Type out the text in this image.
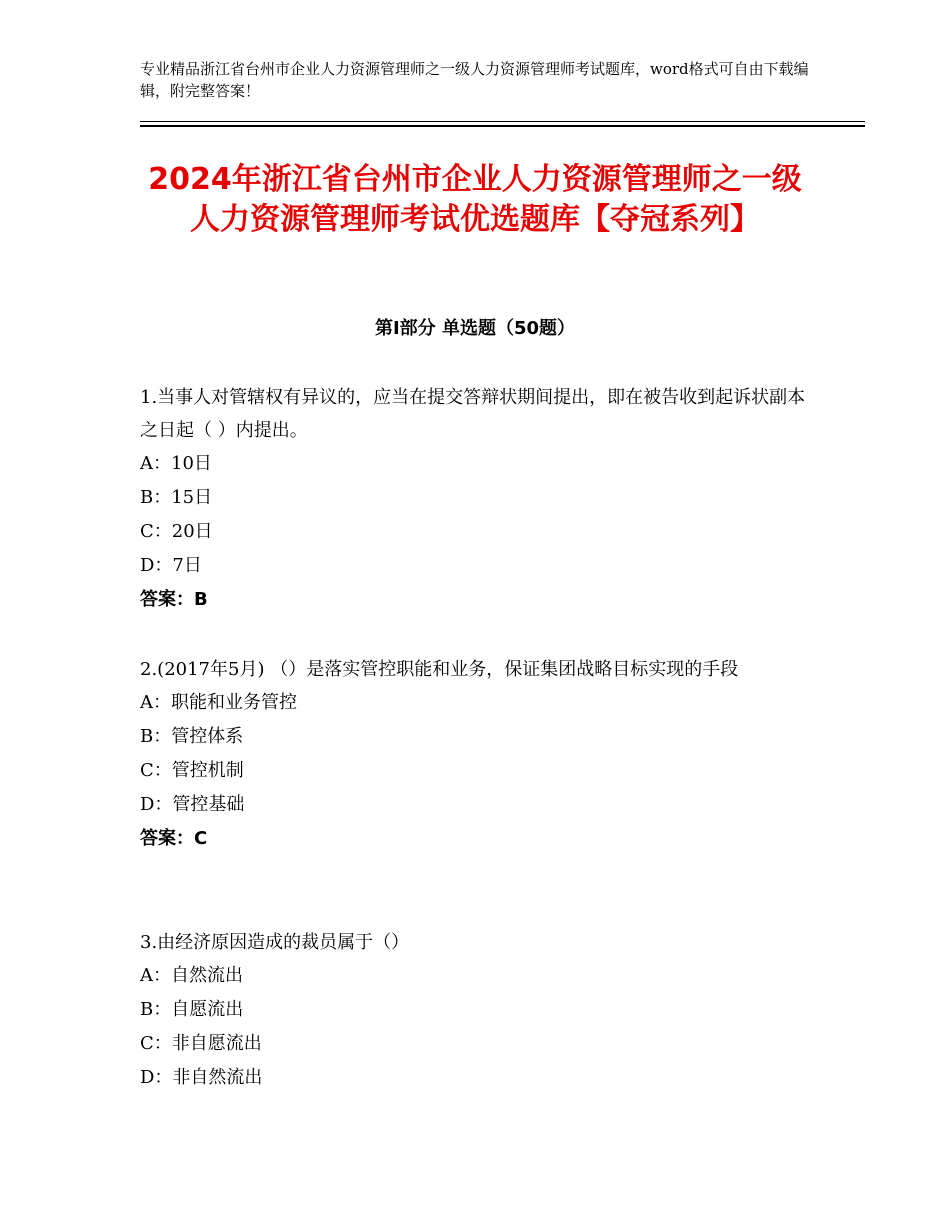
专业精品浙江省台州市企业人力资源管理师之一级人力资源管理师考试题库，word格式可自由下载编辑，附完整答案！
2024年浙江省台州市企业人力资源管理师之一级人力资源管理师考试优选题库【夺冠系列】
第Ⅰ部分 单选题（50题）

1.当事人对管辖权有异议的，应当在提交答辩状期间提出，即在被告收到起诉状副本之日起（ ）内提出。

A：10日

B：15日

C：20日

D：7日

答案：B

2.(2017年5月) （）是落实管控职能和业务，保证集团战略目标实现的手段

A：职能和业务管控

B：管控体系

C：管控机制

D：管控基础

答案：C

3.由经济原因造成的裁员属于（）

A：自然流出

B：自愿流出

C：非自愿流出

D：非自然流出
